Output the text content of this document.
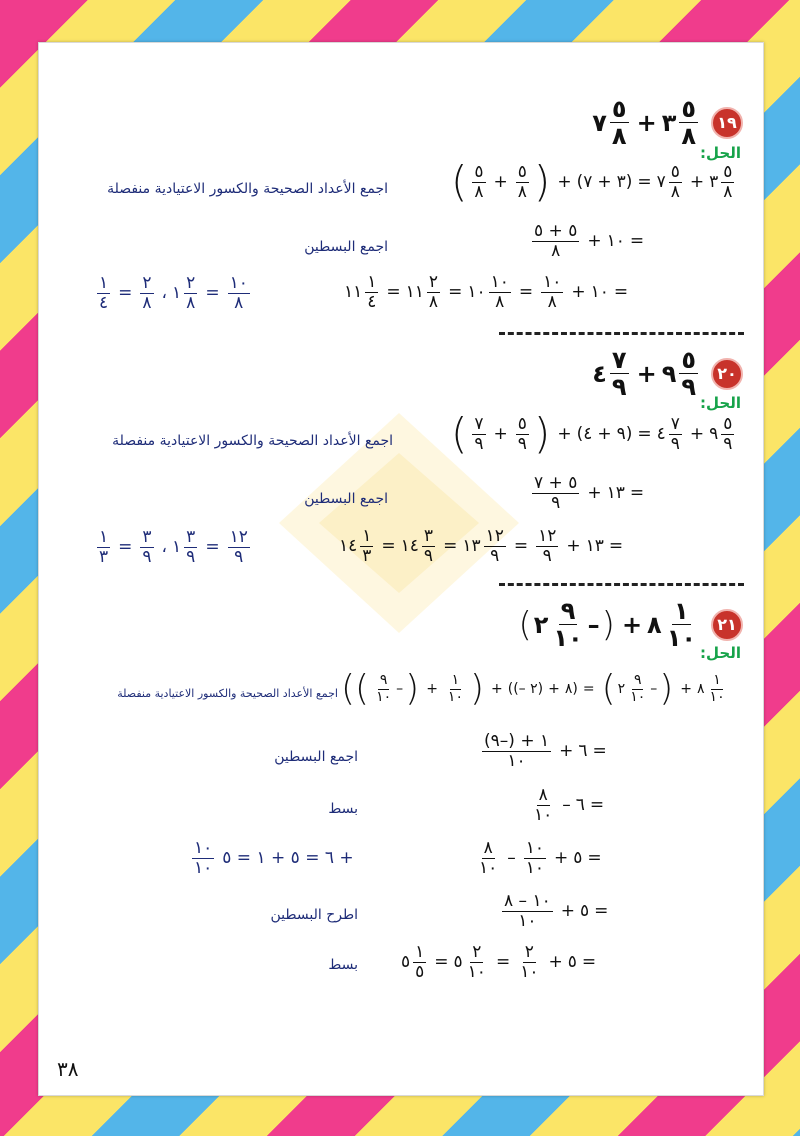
٧ ٥
٨ + ٣ ٥
٨	١٩
الحل:
( ٥
٨ +
٥
٨ ) + ( ٧ + ٣ ) = ٧
٥
٨ + ٣
٥
٨
اجمع الأعداد الصحيحة والكسور الاعتيادية منفصلة
٥ + ٥
٨ + ١٠ =
اجمع البسطين
١١
١
٤ = ١١
٢
٨ = ١٠
١٠
٨ =
١٠
٨ + ١٠ =
١
٤ =
٢
٨ ، ١
٢
٨ =
١٠
٨
٤ ٧
٩ + ٩ ٥
٩	٢٠
الحل:
( ٧
٩ +
٥
٩ ) + ( ٤ + ٩ ) = ٤
٧
٩ + ٩
٥
٩
اجمع الأعداد الصحيحة والكسور الاعتيادية منفصلة
٥ + ٧
٩ + ١٣ =
اجمع البسطين
١٤
١
٣ = ١٤
٣
٩ = ١٣
١٢
٩ =
١٢
٩ + ١٣ =
١
٣ =
٣
٩ ، ١
٣
٩ =
١٢
٩
( ٢ ٩
١٠ – ) + ٨ ١
١٠	٢١
الحل:
(( ٩
١٠ – ) +
١
١٠ ) + ( (– ٢) + ٨ ) = ( ٢
٩
١٠ – ) + ٨
١
١٠
اجمع الأعداد الصحيحة والكسور الاعتيادية منفصلة
١ + (–٩)
١٠ + ٦ =
اجمع البسطين
٨
١٠ – ٦ =
بسط
٨
١٠ –
١٠
١٠ + ٥ =
١٠
١٠ ٦ = ٥ + ١ = ٥ +
١٠ – ٨
١٠ + ٥ =
اطرح البسطين
٥
١
٥ = ٥
٢
١٠ =
٢
١٠ + ٥ =
بسط
٣٨
